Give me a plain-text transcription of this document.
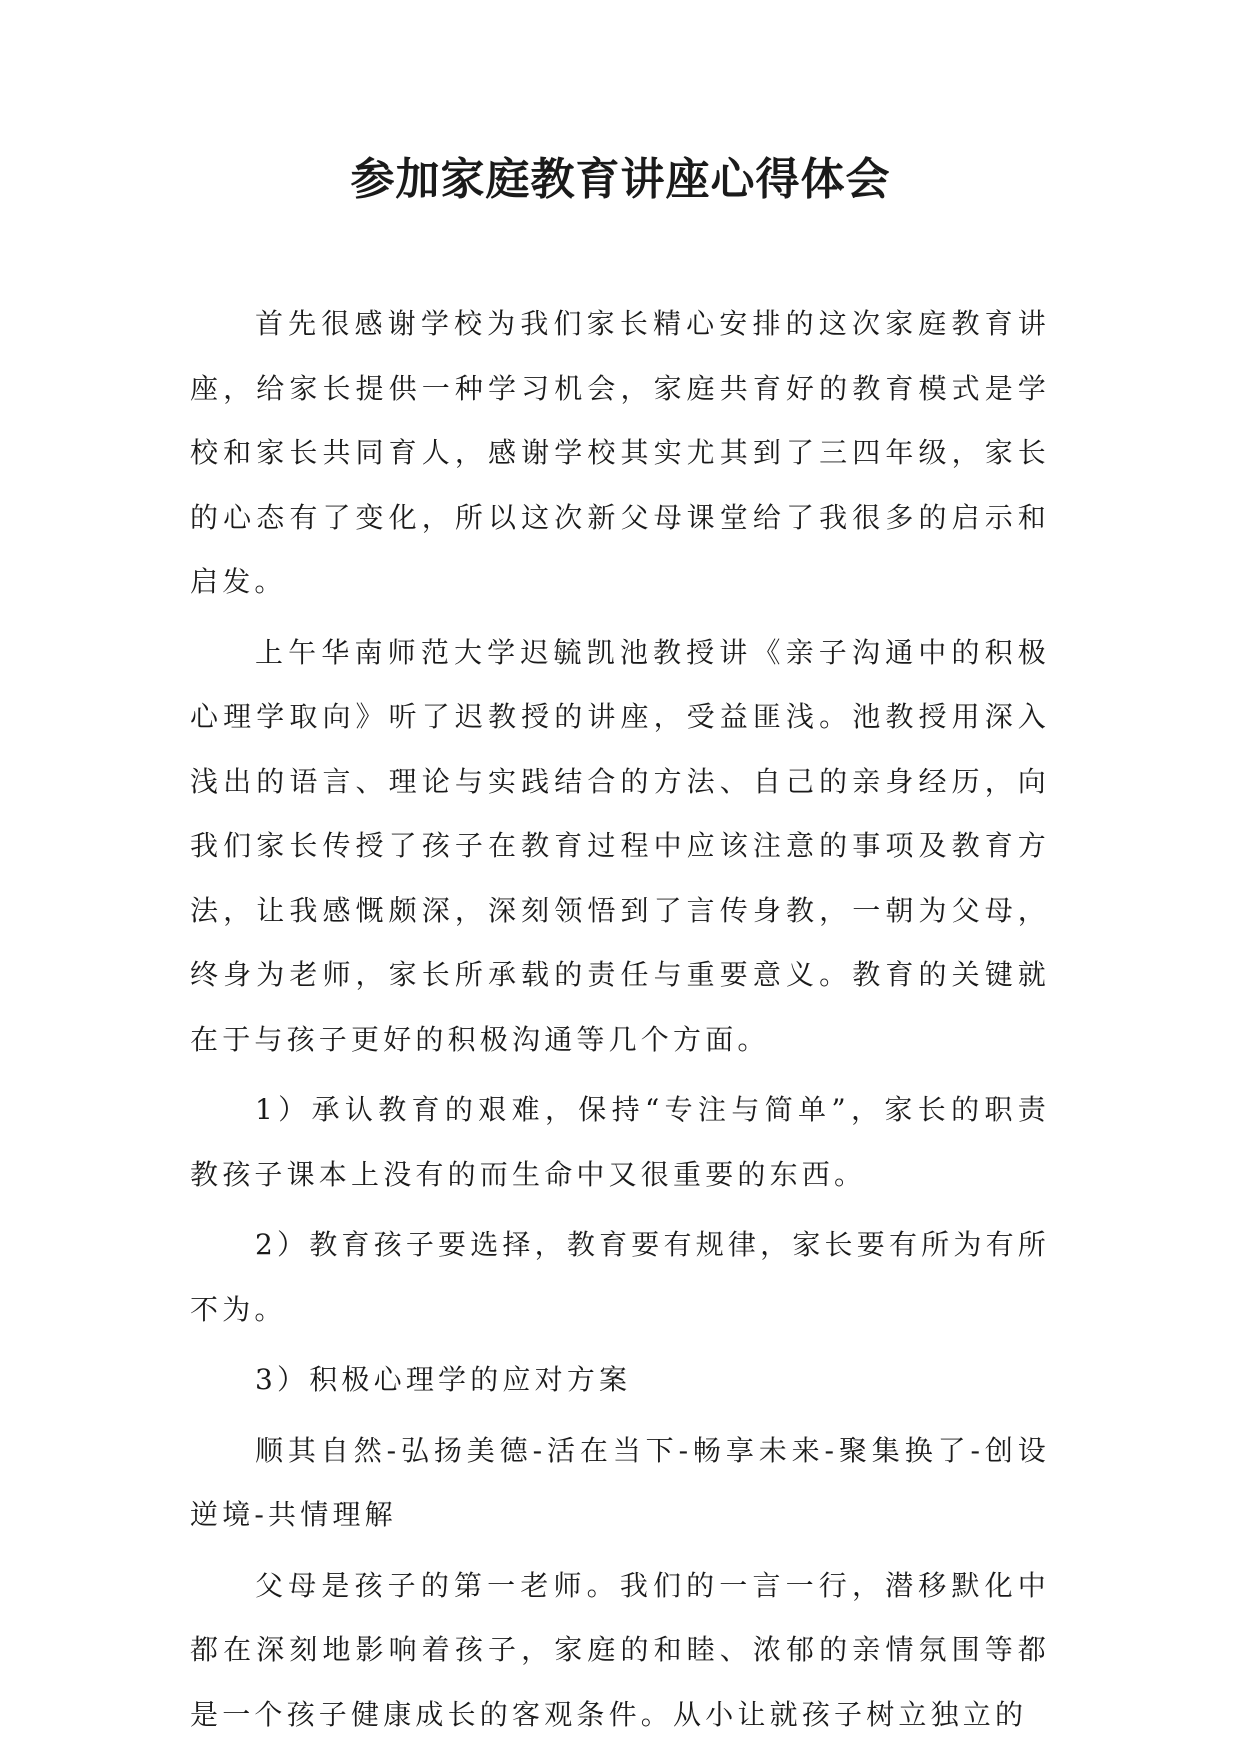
参加家庭教育讲座心得体会

首先很感谢学校为我们家长精心安排的这次家庭教育讲座，给家长提供一种学习机会，家庭共育好的教育模式是学校和家长共同育人，感谢学校其实尤其到了三四年级，家长的心态有了变化，所以这次新父母课堂给了我很多的启示和启发。

上午华南师范大学迟毓凯池教授讲《亲子沟通中的积极心理学取向》听了迟教授的讲座，受益匪浅。池教授用深入浅出的语言、理论与实践结合的方法、自己的亲身经历，向我们家长传授了孩子在教育过程中应该注意的事项及教育方法，让我感慨颇深，深刻领悟到了言传身教，一朝为父母，终身为老师，家长所承载的责任与重要意义。教育的关键就在于与孩子更好的积极沟通等几个方面。

1）承认教育的艰难，保持“专注与简单”，家长的职责教孩子课本上没有的而生命中又很重要的东西。

2）教育孩子要选择，教育要有规律，家长要有所为有所不为。

3）积极心理学的应对方案

顺其自然-弘扬美德-活在当下-畅享未来-聚集换了-创设逆境-共情理解

父母是孩子的第一老师。我们的一言一行，潜移默化中都在深刻地影响着孩子，家庭的和睦、浓郁的亲情氛围等都是一个孩子健康成长的客观条件。从小让就孩子树立独立的
